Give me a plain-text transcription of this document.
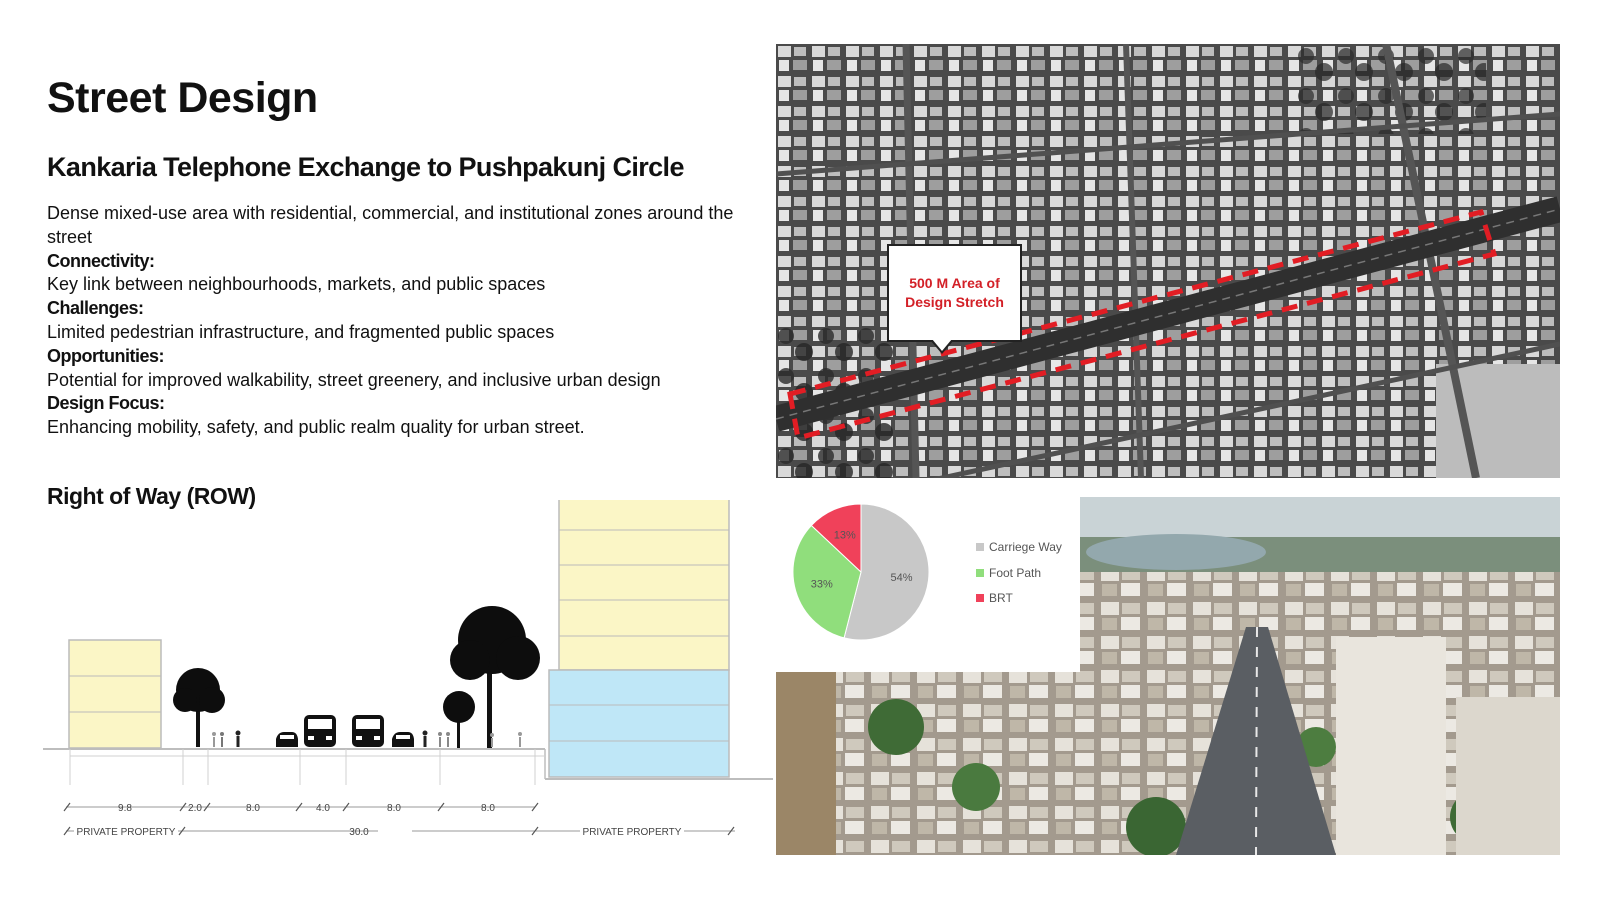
Street Design
Kankaria Telephone Exchange to Pushpakunj Circle
Dense mixed-use area with residential, commercial, and institutional zones around the street
Connectivity:
Key link between neighbourhoods, markets, and public spaces
Challenges:
Limited pedestrian infrastructure, and fragmented public spaces
Opportunities:
Potential for improved walkability, street greenery, and inclusive urban design
Design Focus:
Enhancing mobility, safety, and public realm quality for urban street.
Right of Way (ROW)
500 M Area of
Design Stretch
54%
33%
13%
Carriege Way
Foot Path
BRT
9.8	2.0	8.0	4.0	8.0	8.0
PRIVATE PROPERTY	30.0	PRIVATE PROPERTY
